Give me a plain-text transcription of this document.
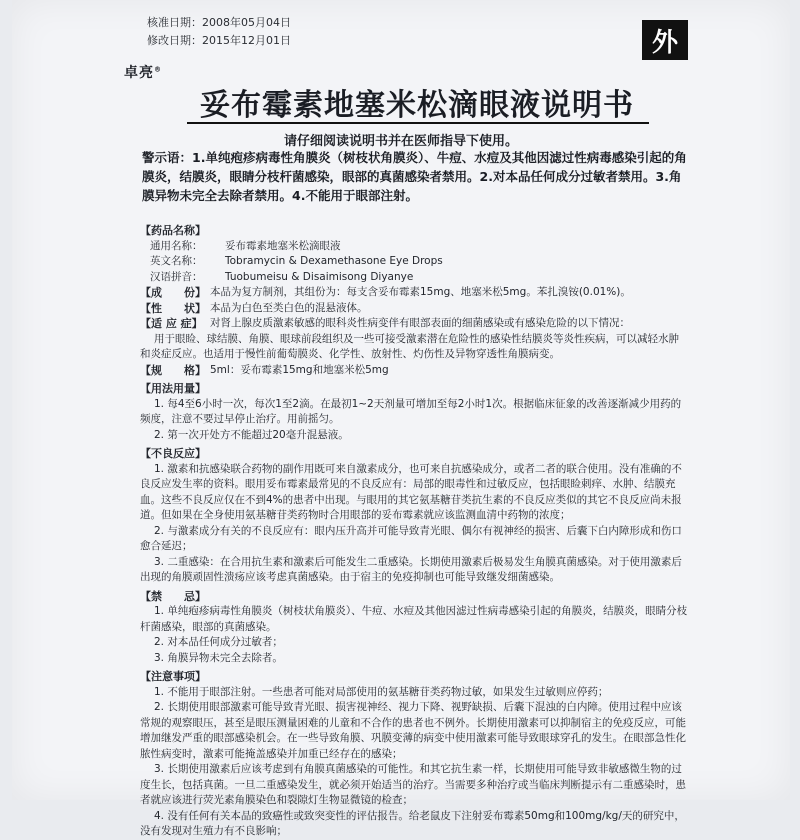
核准日期：2008年05月04日
修改日期：2015年12月01日
卓亮®
外
妥布霉素地塞米松滴眼液说明书
请仔细阅读说明书并在医师指导下使用。
警示语：1.单纯疱疹病毒性角膜炎（树枝状角膜炎）、牛痘、水痘及其他因滤过性病毒感染引起的角膜炎，结膜炎，眼睛分枝杆菌感染，眼部的真菌感染者禁用。2.对本品任何成分过敏者禁用。3.角膜异物未完全去除者禁用。4.不能用于眼部注射。
【药品名称】
通用名称：	妥布霉素地塞米松滴眼液
英文名称：	Tobramycin & Dexamethasone Eye Drops
汉语拼音：	Tuobumeisu & Disaimisong Diyanye
【成　　份】 本品为复方制剂，其组份为：每支含妥布霉素15mg、地塞米松5mg。苯扎溴铵(0.01%)。
【性　　状】 本品为白色至类白色的混悬液体。
【适 应 症】 对肾上腺皮质激素敏感的眼科炎性病变伴有眼部表面的细菌感染或有感染危险的以下情况：

用于眼睑、球结膜、角膜、眼球前段组织及一些可接受激素潜在危险性的感染性结膜炎等炎性疾病，可以减轻水肿和炎症反应。也适用于慢性前葡萄膜炎、化学性、放射性、灼伤性及异物穿透性角膜病变。

【规　　格】 5ml：妥布霉素15mg和地塞米松5mg
【用法用量】

1. 每4至6小时一次，每次1至2滴。在最初1~2天剂量可增加至每2小时1次。根据临床征象的改善逐渐减少用药的频度，注意不要过早停止治疗。用前摇匀。

2. 第一次开处方不能超过20毫升混悬液。

【不良反应】

1. 激素和抗感染联合药物的副作用既可来自激素成分，也可来自抗感染成分，或者二者的联合使用。没有准确的不良反应发生率的资料。眼用妥布霉素最常见的不良反应有：局部的眼毒性和过敏反应，包括眼睑刺痒、水肿、结膜充血。这些不良反应仅在不到4%的患者中出现。与眼用的其它氨基糖苷类抗生素的不良反应类似的其它不良反应尚未报道。但如果在全身使用氨基糖苷类药物时合用眼部的妥布霉素就应该监测血清中药物的浓度；

2. 与激素成分有关的不良反应有：眼内压升高并可能导致青光眼、偶尔有视神经的损害、后囊下白内障形成和伤口愈合延迟；

3. 二重感染：在合用抗生素和激素后可能发生二重感染。长期使用激素后极易发生角膜真菌感染。对于使用激素后出现的角膜顽固性溃疡应该考虑真菌感染。由于宿主的免疫抑制也可能导致继发细菌感染。

【禁　　忌】

1. 单纯疱疹病毒性角膜炎（树枝状角膜炎）、牛痘、水痘及其他因滤过性病毒感染引起的角膜炎，结膜炎，眼睛分枝杆菌感染，眼部的真菌感染。

2. 对本品任何成分过敏者；

3. 角膜异物未完全去除者。

【注意事项】

1. 不能用于眼部注射。一些患者可能对局部使用的氨基糖苷类药物过敏，如果发生过敏则应停药；

2. 长期使用眼部激素可能导致青光眼、损害视神经、视力下降、视野缺损、后囊下混浊的白内障。使用过程中应该常规的观察眼压，甚至是眼压测量困难的儿童和不合作的患者也不例外。长期使用激素可以抑制宿主的免疫反应，可能增加继发严重的眼部感染机会。在一些导致角膜、巩膜变薄的病变中使用激素可能导致眼球穿孔的发生。在眼部急性化脓性病变时，激素可能掩盖感染并加重已经存在的感染；

3. 长期使用激素后应该考虑到有角膜真菌感染的可能性。和其它抗生素一样，长期使用可能导致非敏感微生物的过度生长，包括真菌。一旦二重感染发生，就必须开始适当的治疗。当需要多种治疗或当临床判断提示有二重感染时，患者就应该进行荧光素角膜染色和裂隙灯生物显微镜的检查；

4. 没有任何有关本品的致癌性或致突变性的评估报告。给老鼠皮下注射妥布霉素50mg和100mg/kg/天的研究中，没有发现对生殖力有不良影响；
